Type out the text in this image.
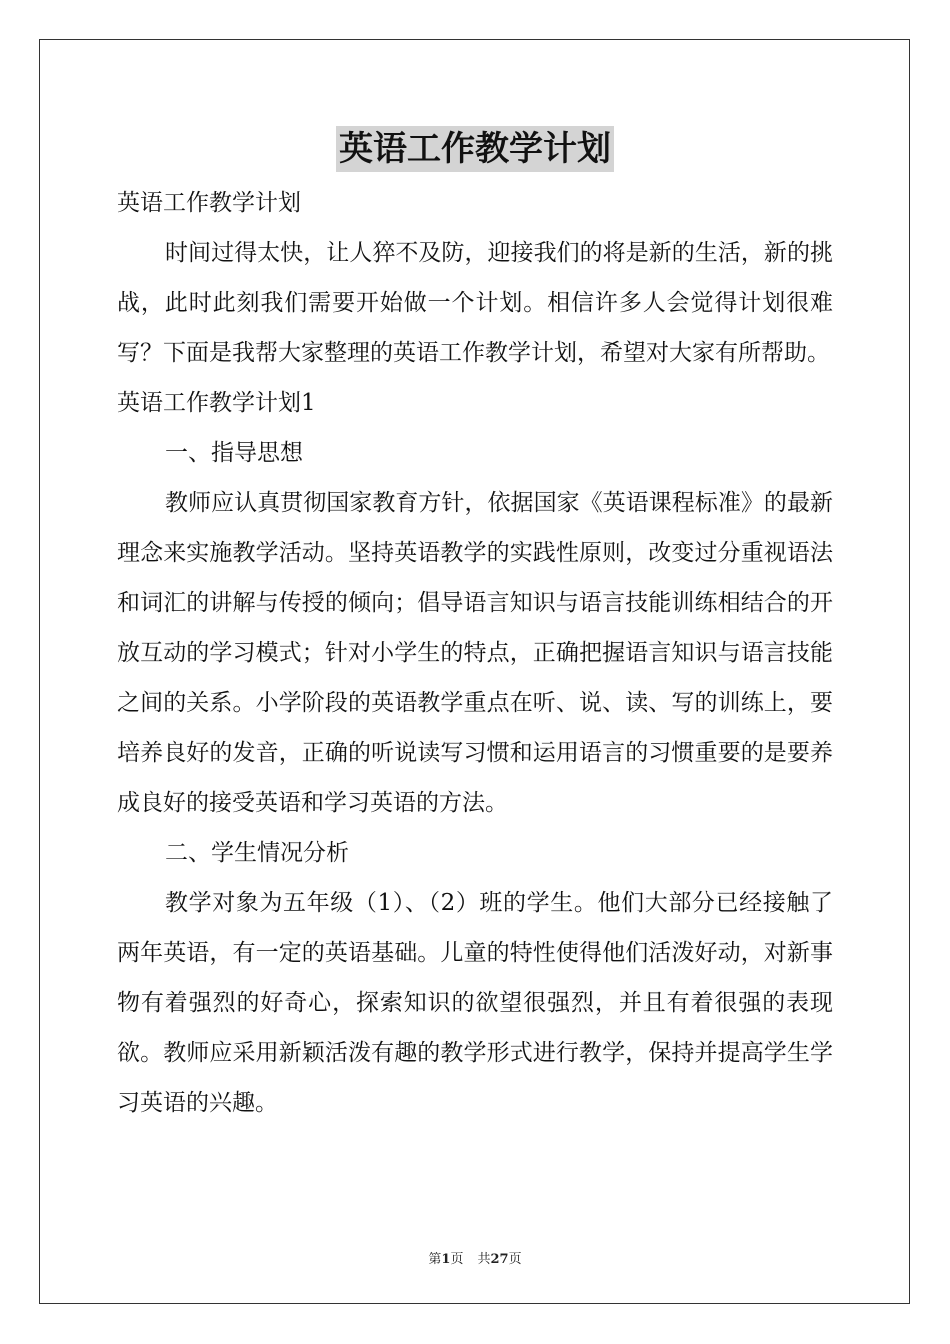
英语工作教学计划

英语工作教学计划

时间过得太快，让人猝不及防，迎接我们的将是新的生活，新的挑战，此时此刻我们需要开始做一个计划。相信许多人会觉得计划很难写？下面是我帮大家整理的英语工作教学计划，希望对大家有所帮助。

英语工作教学计划1

一、指导思想

教师应认真贯彻国家教育方针，依据国家《英语课程标准》的最新理念来实施教学活动。坚持英语教学的实践性原则，改变过分重视语法和词汇的讲解与传授的倾向；倡导语言知识与语言技能训练相结合的开放互动的学习模式；针对小学生的特点，正确把握语言知识与语言技能之间的关系。小学阶段的英语教学重点在听、说、读、写的训练上，要培养良好的发音，正确的听说读写习惯和运用语言的习惯重要的是要养成良好的接受英语和学习英语的方法。

二、学生情况分析

教学对象为五年级（1）、（2）班的学生。他们大部分已经接触了两年英语，有一定的英语基础。儿童的特性使得他们活泼好动，对新事物有着强烈的好奇心，探索知识的欲望很强烈，并且有着很强的表现欲。教师应采用新颖活泼有趣的教学形式进行教学，保持并提高学生学习英语的兴趣。

第1页 共27页
